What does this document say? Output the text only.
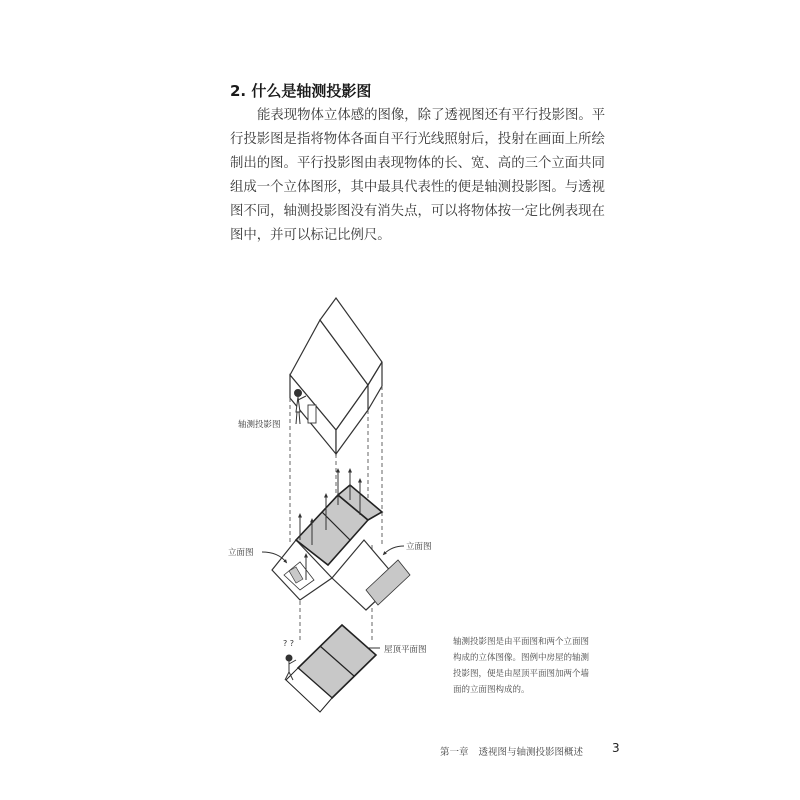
2. 什么是轴测投影图
能表现物体立体感的图像，除了透视图还有平行投影图。平
行投影图是指将物体各面自平行光线照射后，投射在画面上所绘
制出的图。平行投影图由表现物体的长、宽、高的三个立面共同
组成一个立体图形，其中最具代表性的便是轴测投影图。与透视
图不同，轴测投影图没有消失点，可以将物体按一定比例表现在
图中，并可以标记比例尺。
? ?
轴测投影图
立面图
立面图
屋顶平面图
轴测投影图是由平面图和两个立面图
构成的立体图像。图例中房屋的轴测
投影图，便是由屋顶平面图加两个墙
面的立面图构成的。
第一章 透视图与轴测投影图概述 3
